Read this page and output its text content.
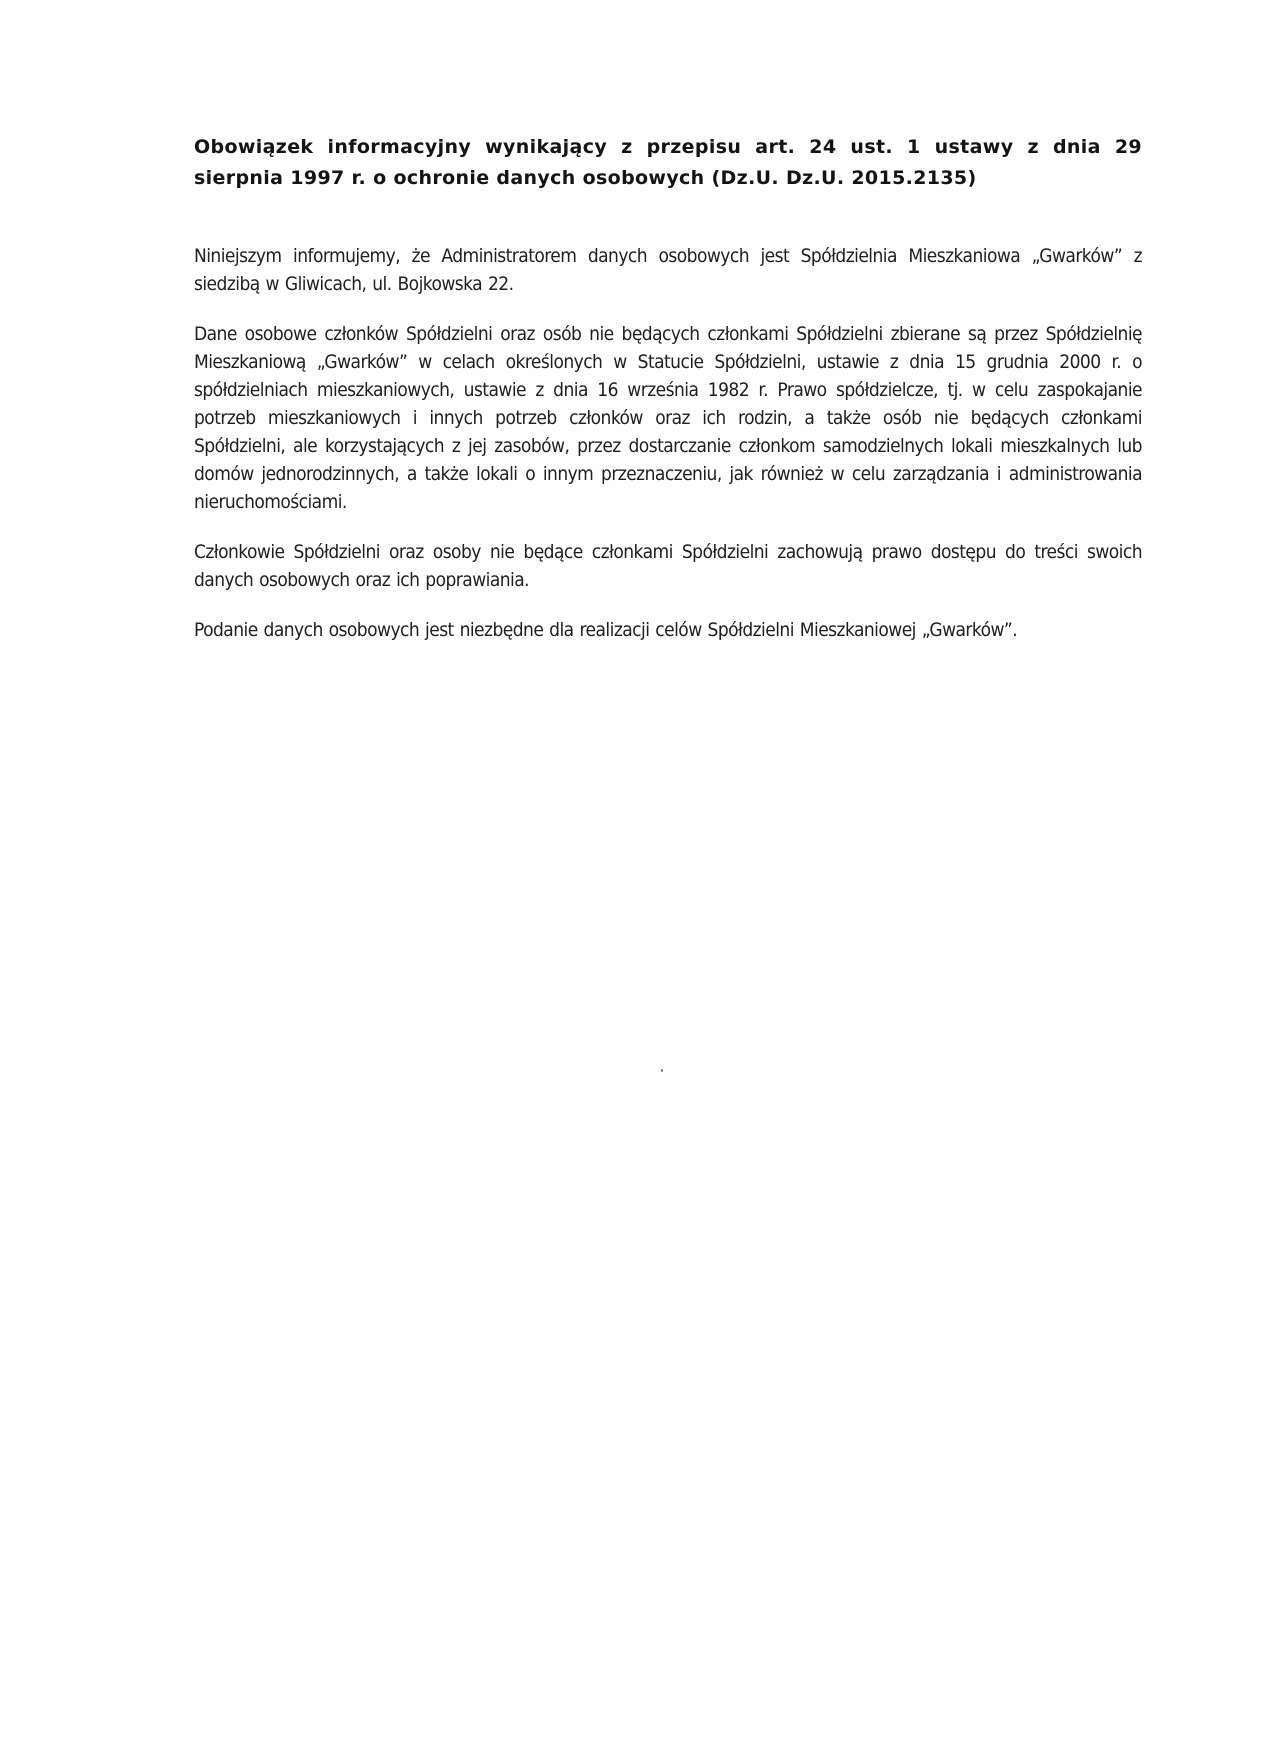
Obowiązek informacyjny wynikający z przepisu art. 24 ust. 1 ustawy z dnia 29 sierpnia 1997 r. o ochronie danych osobowych (Dz.U. Dz.U. 2015.2135)

Niniejszym informujemy, że Administratorem danych osobowych jest Spółdzielnia Mieszkaniowa „Gwarków” z siedzibą w Gliwicach, ul. Bojkowska 22.

Dane osobowe członków Spółdzielni oraz osób nie będących członkami Spółdzielni zbierane są przez Spółdzielnię Mieszkaniową „Gwarków” w celach określonych w Statucie Spółdzielni, ustawie z dnia 15 grudnia 2000 r. o spółdzielniach mieszkaniowych, ustawie z dnia 16 września 1982 r. Prawo spółdzielcze, tj. w celu zaspokajanie potrzeb mieszkaniowych i innych potrzeb członków oraz ich rodzin, a także osób nie będących członkami Spółdzielni, ale korzystających z jej zasobów, przez dostarczanie członkom samodzielnych lokali mieszkalnych lub domów jednorodzinnych, a także lokali o innym przeznaczeniu, jak również w celu zarządzania i administrowania nieruchomościami.

Członkowie Spółdzielni oraz osoby nie będące członkami Spółdzielni zachowują prawo dostępu do treści swoich danych osobowych oraz ich poprawiania.

Podanie danych osobowych jest niezbędne dla realizacji celów Spółdzielni Mieszkaniowej „Gwarków”.
